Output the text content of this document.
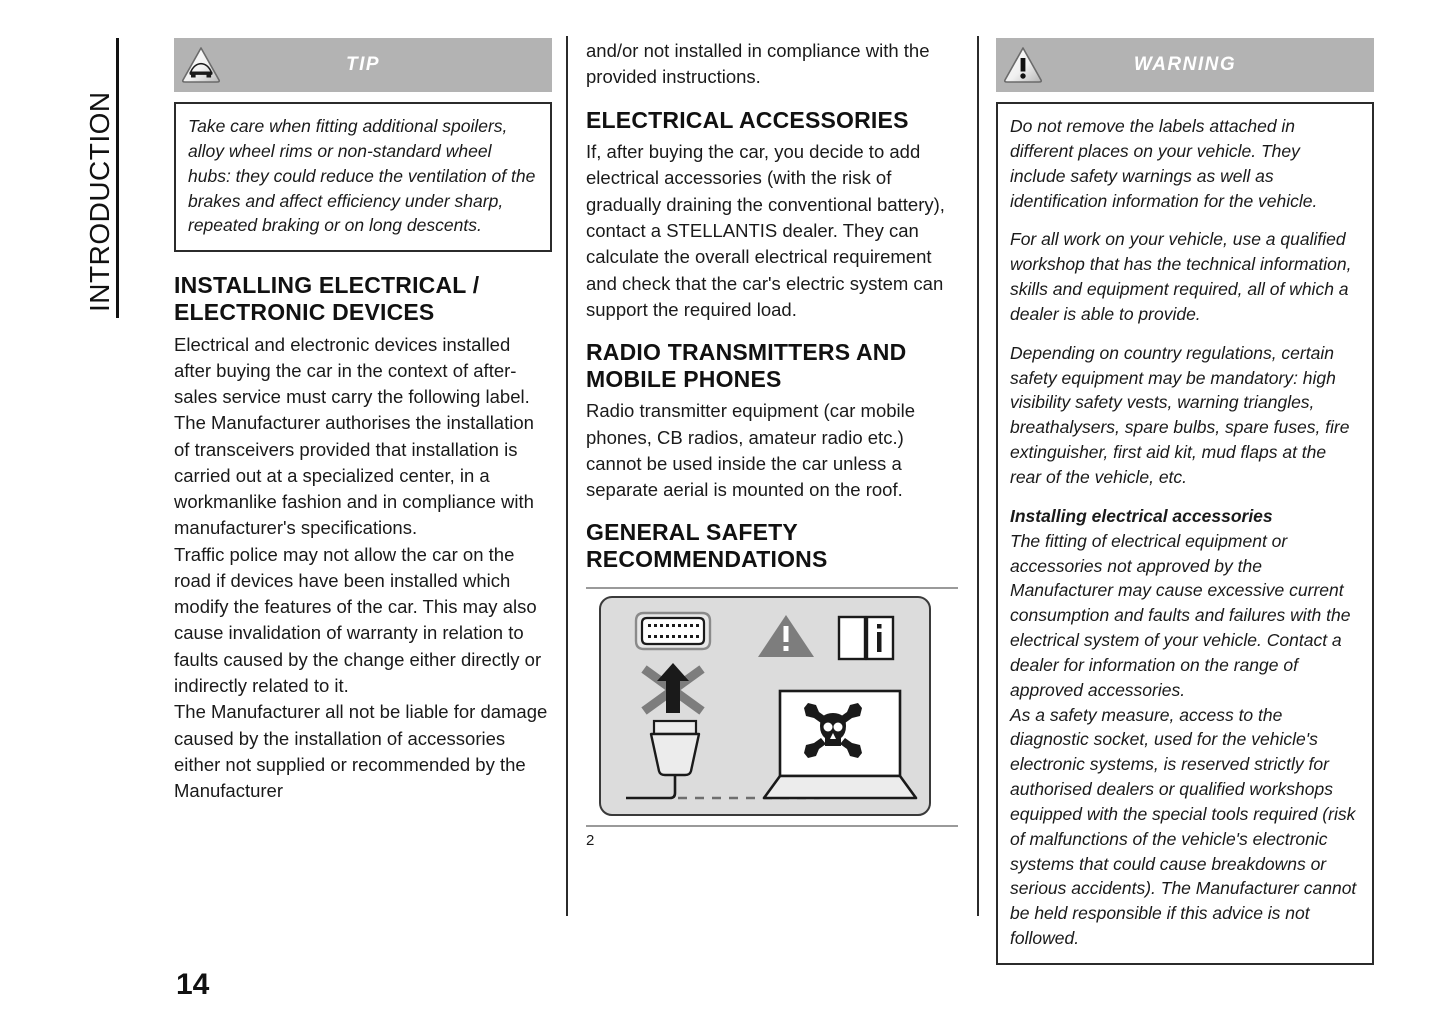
INTRODUCTION
TIP

Take care when fitting additional spoilers, alloy wheel rims or non-standard wheel hubs: they could reduce the ventilation of the brakes and affect efficiency under sharp, repeated braking or on long descents.

INSTALLING ELECTRICAL / ELECTRONIC DEVICES

Electrical and electronic devices installed after buying the car in the context of after-sales service must carry the following label. The Manufacturer authorises the installation of transceivers provided that installation is carried out at a specialized center, in a workmanlike fashion and in compliance with manufacturer's specifications.

Traffic police may not allow the car on the road if devices have been installed which modify the features of the car. This may also cause invalidation of warranty in relation to faults caused by the change either directly or indirectly related to it.

The Manufacturer all not be liable for damage caused by the installation of accessories either not supplied or recommended by the Manufacturer

and/or not installed in compliance with the provided instructions.

ELECTRICAL ACCESSORIES

If, after buying the car, you decide to add electrical accessories (with the risk of gradually draining the conventional battery), contact a STELLANTIS dealer. They can calculate the overall electrical requirement and check that the car's electric system can support the required load.

RADIO TRANSMITTERS AND MOBILE PHONES

Radio transmitter equipment (car mobile phones, CB radios, amateur radio etc.) cannot be used inside the car unless a separate aerial is mounted on the roof.

GENERAL SAFETY RECOMMENDATIONS
2
WARNING

Do not remove the labels attached in different places on your vehicle. They include safety warnings as well as identification information for the vehicle.

For all work on your vehicle, use a qualified workshop that has the technical information, skills and equipment required, all of which a dealer is able to provide.

Depending on country regulations, certain safety equipment may be mandatory: high visibility safety vests, warning triangles, breathalysers, spare bulbs, spare fuses, fire extinguisher, first aid kit, mud flaps at the rear of the vehicle, etc.

Installing electrical accessories

The fitting of electrical equipment or accessories not approved by the Manufacturer may cause excessive current consumption and faults and failures with the electrical system of your vehicle. Contact a dealer for information on the range of approved accessories.

As a safety measure, access to the diagnostic socket, used for the vehicle's electronic systems, is reserved strictly for authorised dealers or qualified workshops equipped with the special tools required (risk of malfunctions of the vehicle's electronic systems that could cause breakdowns or serious accidents). The Manufacturer cannot be held responsible if this advice is not followed.

14
